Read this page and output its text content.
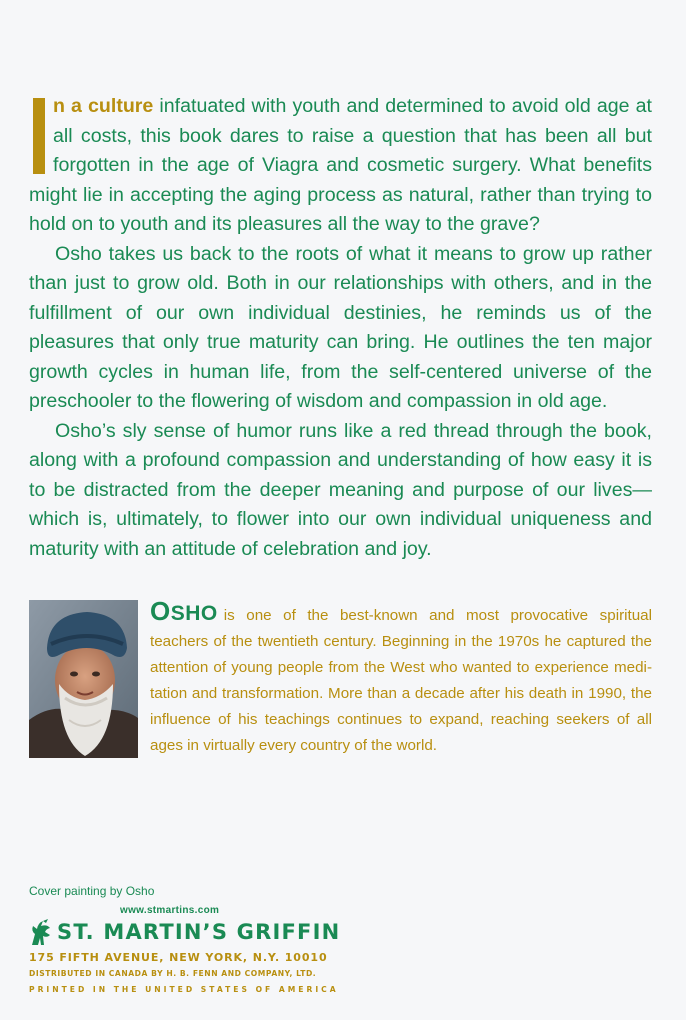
n a culture infatuated with youth and determined to avoid old age at all costs, this book dares to raise a question that has been all but forgotten in the age of Viagra and cosmetic surgery. What benefits might lie in accepting the aging process as natural, rather than trying to hold on to youth and its pleasures all the way to the grave?

Osho takes us back to the roots of what it means to grow up rather than just to grow old. Both in our relationships with others, and in the fulfillment of our own individual destinies, he reminds us of the pleasures that only true maturity can bring. He outlines the ten major growth cycles in human life, from the self-centered universe of the preschooler to the flowering of wisdom and compassion in old age.

Osho’s sly sense of humor runs like a red thread through the book, along with a profound compassion and understanding of how easy it is to be distracted from the deeper meaning and purpose of our lives—which is, ultimately, to flower into our own individual uniqueness and maturity with an attitude of celebration and joy.

OSHO is one of the best-known and most provocative spiritual teachers of the twentieth century. Beginning in the 1970s he captured the attention of young people from the West who wanted to experience meditation and transformation. More than a decade after his death in 1990, the influence of his teachings continues to expand, reaching seekers of all ages in virtually every country of the world.

Cover painting by Osho
www.stmartins.com
ST. MARTIN’S GRIFFIN
175 FIFTH AVENUE, NEW YORK, N.Y. 10010
DISTRIBUTED IN CANADA BY H. B. FENN AND COMPANY, LTD.
PRINTED IN THE UNITED STATES OF AMERICA
